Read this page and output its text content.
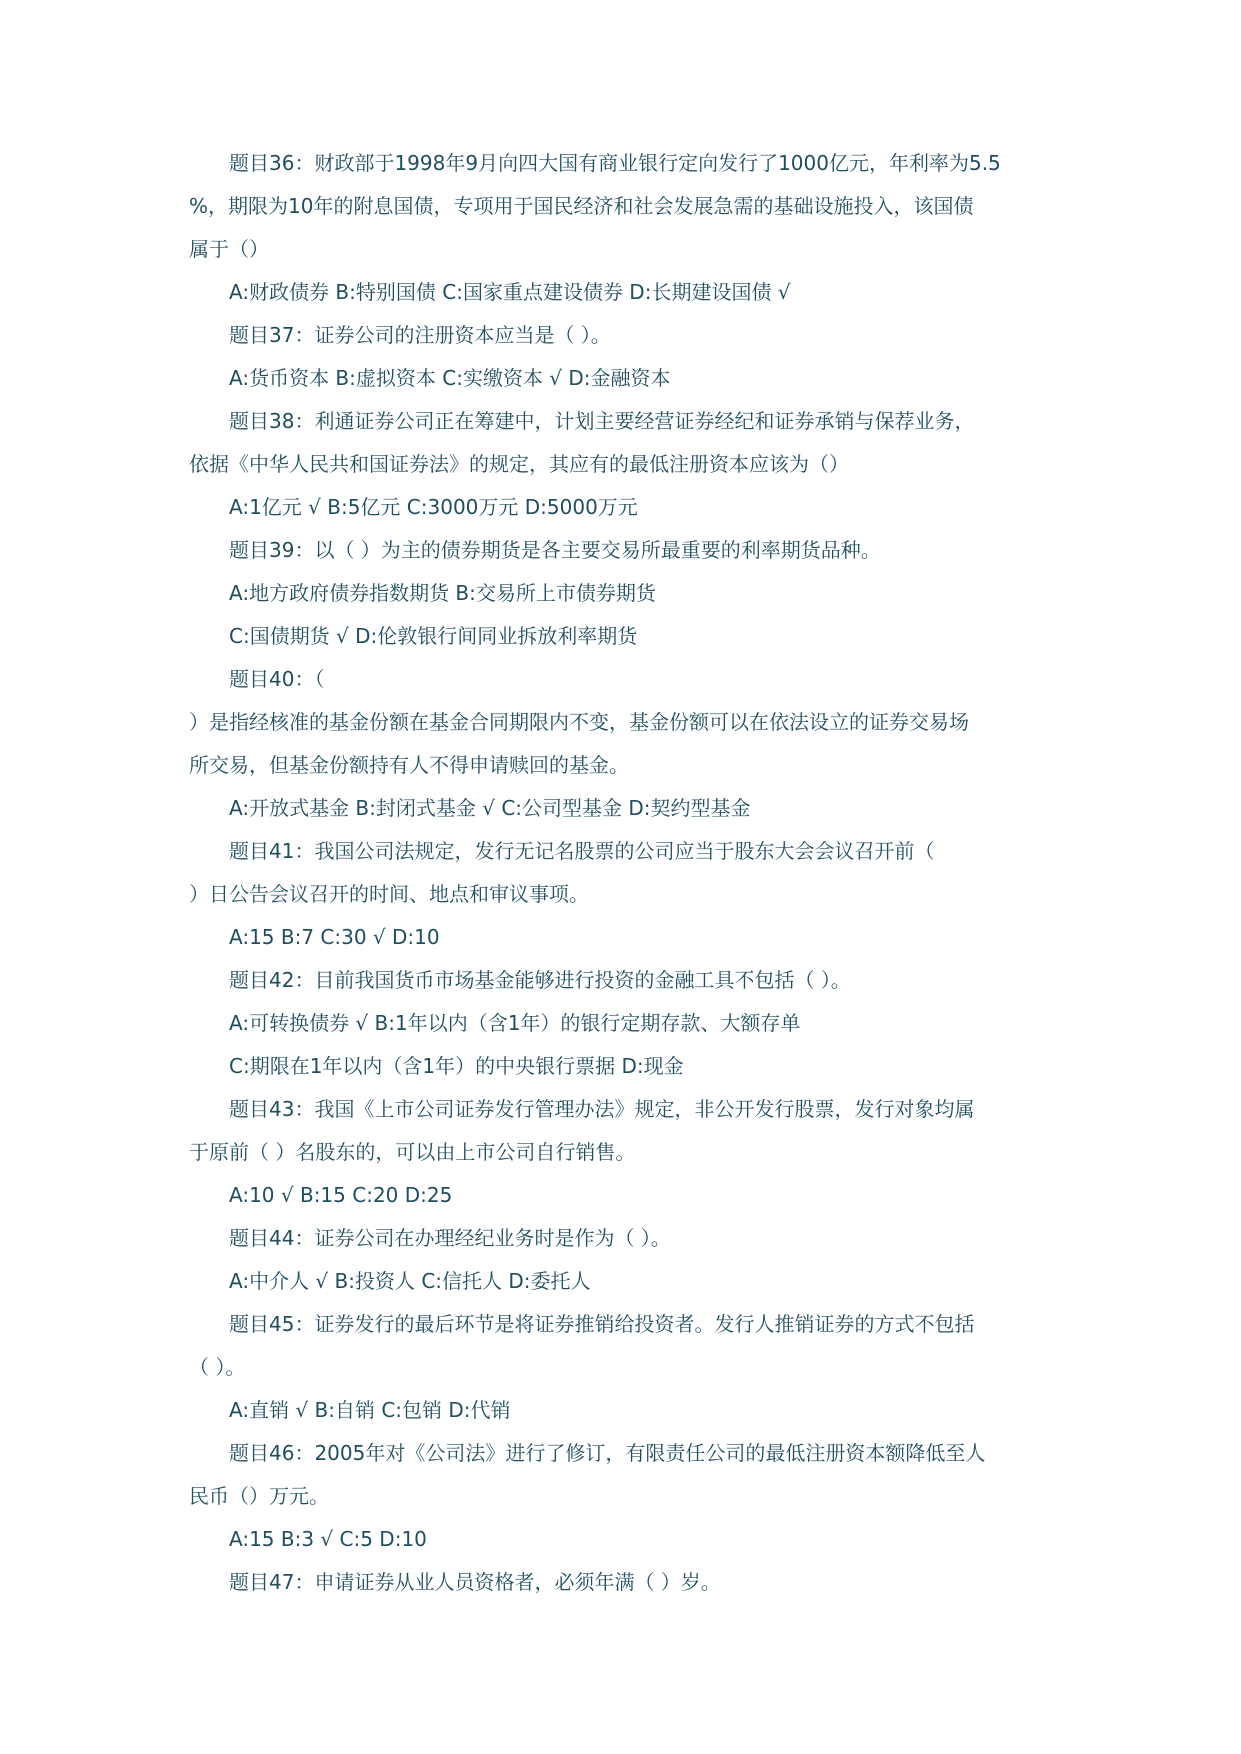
题目36：财政部于1998年9月向四大国有商业银行定向发行了1000亿元，年利率为5.5
%，期限为10年的附息国债，专项用于国民经济和社会发展急需的基础设施投入，该国债
属于（）
A:财政债券 B:特别国债 C:国家重点建设债券 D:长期建设国债 √
题目37：证券公司的注册资本应当是（ ）。
A:货币资本 B:虚拟资本 C:实缴资本 √ D:金融资本
题目38：利通证券公司正在筹建中，计划主要经营证券经纪和证券承销与保荐业务，
依据《中华人民共和国证券法》的规定，其应有的最低注册资本应该为（）
A:1亿元 √ B:5亿元 C:3000万元 D:5000万元
题目39：以（ ）为主的债券期货是各主要交易所最重要的利率期货品种。
A:地方政府债券指数期货 B:交易所上市债券期货
C:国债期货 √ D:伦敦银行间同业拆放利率期货
题目40：（
）是指经核准的基金份额在基金合同期限内不变，基金份额可以在依法设立的证券交易场
所交易，但基金份额持有人不得申请赎回的基金。
A:开放式基金 B:封闭式基金 √ C:公司型基金 D:契约型基金
题目41：我国公司法规定，发行无记名股票的公司应当于股东大会会议召开前（
）日公告会议召开的时间、地点和审议事项。
A:15 B:7 C:30 √ D:10
题目42：目前我国货币市场基金能够进行投资的金融工具不包括（ ）。
A:可转换债券 √ B:1年以内（含1年）的银行定期存款、大额存单
C:期限在1年以内（含1年）的中央银行票据 D:现金
题目43：我国《上市公司证券发行管理办法》规定，非公开发行股票，发行对象均属
于原前（ ）名股东的，可以由上市公司自行销售。
A:10 √ B:15 C:20 D:25
题目44：证券公司在办理经纪业务时是作为（ ）。
A:中介人 √ B:投资人 C:信托人 D:委托人
题目45：证券发行的最后环节是将证券推销给投资者。发行人推销证券的方式不包括
（ ）。
A:直销 √ B:自销 C:包销 D:代销
题目46：2005年对《公司法》进行了修订，有限责任公司的最低注册资本额降低至人
民币（）万元。
A:15 B:3 √ C:5 D:10
题目47：申请证券从业人员资格者，必须年满（ ）岁。
